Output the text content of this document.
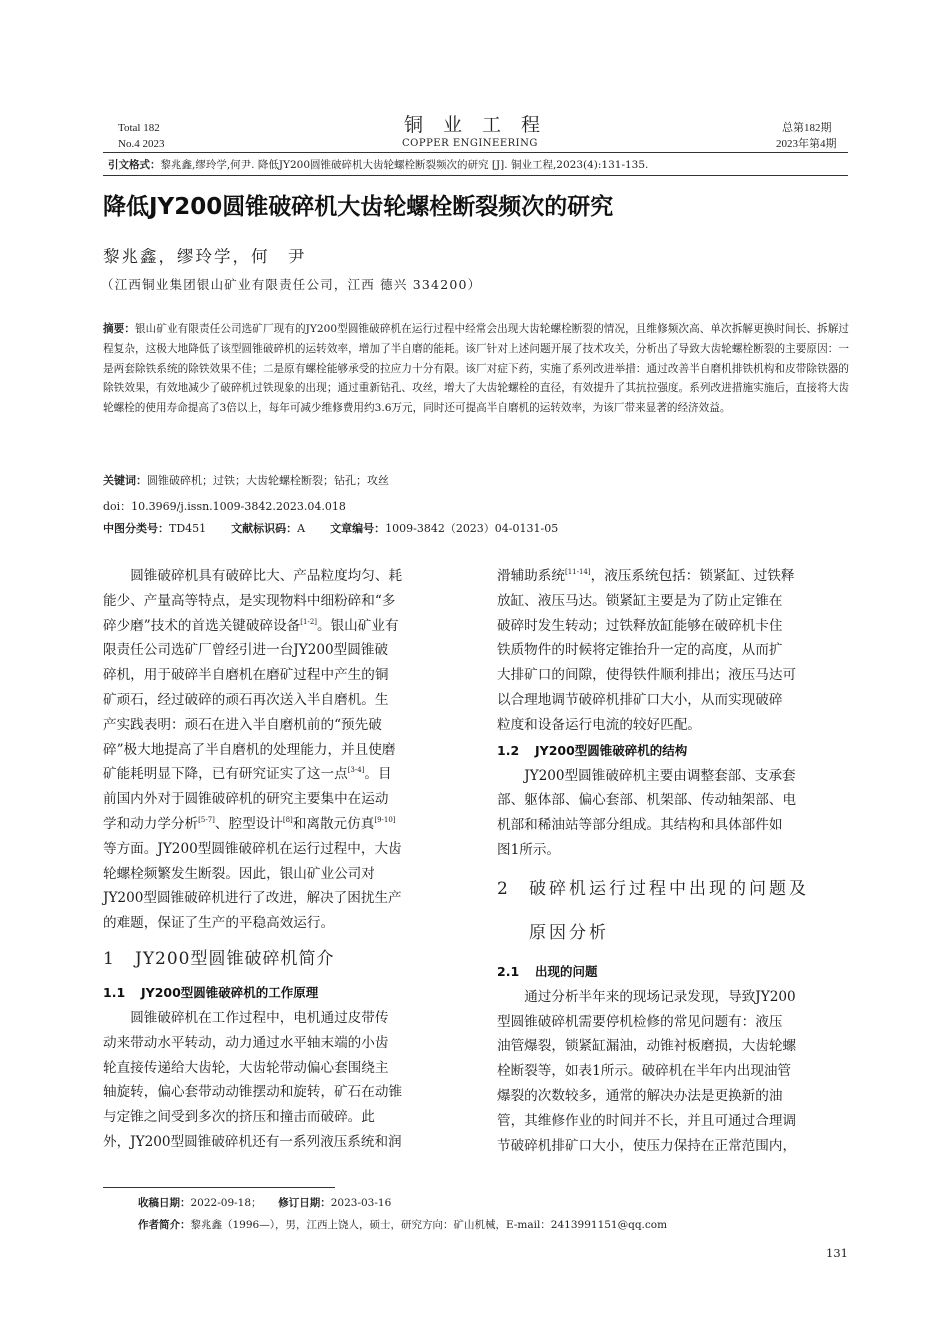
Total 182
No.4 2023
铜业工程
COPPER ENGINEERING
总第182期
2023年第4期
引文格式：黎兆鑫,缪玲学,何尹. 降低JY200圆锥破碎机大齿轮螺栓断裂频次的研究 [J]. 铜业工程,2023(4):131-135.
降低JY200圆锥破碎机大齿轮螺栓断裂频次的研究
黎兆鑫，缪玲学，何　尹
（江西铜业集团银山矿业有限责任公司，江西 德兴 334200）
摘要：银山矿业有限责任公司选矿厂现有的JY200型圆锥破碎机在运行过程中经常会出现大齿轮螺栓断裂的情况，且维修频次高、单次拆解更换时间长、拆解过程复杂，这极大地降低了该型圆锥破碎机的运转效率，增加了半自磨的能耗。该厂针对上述问题开展了技术攻关，分析出了导致大齿轮螺栓断裂的主要原因：一是两套除铁系统的除铁效果不佳；二是原有螺栓能够承受的拉应力十分有限。该厂对症下药，实施了系列改进举措：通过改善半自磨机排铁机构和皮带除铁器的除铁效果，有效地减少了破碎机过铁现象的出现；通过重新钻孔、攻丝，增大了大齿轮螺栓的直径，有效提升了其抗拉强度。系列改进措施实施后，直接将大齿轮螺栓的使用寿命提高了3倍以上，每年可减少维修费用约3.6万元，同时还可提高半自磨机的运转效率，为该厂带来显著的经济效益。
关键词：圆锥破碎机；过铁；大齿轮螺栓断裂；钻孔；攻丝
doi：10.3969/j.issn.1009-3842.2023.04.018
中图分类号：TD451 文献标识码：A 文章编号：1009-3842（2023）04-0131-05

圆锥破碎机具有破碎比大、产品粒度均匀、耗

能少、产量高等特点，是实现物料中细粉碎和“多

碎少磨”技术的首选关键破碎设备[1-2]。银山矿业有

限责任公司选矿厂曾经引进一台JY200型圆锥破

碎机，用于破碎半自磨机在磨矿过程中产生的铜

矿顽石，经过破碎的顽石再次送入半自磨机。生

产实践表明：顽石在进入半自磨机前的“预先破

碎”极大地提高了半自磨机的处理能力，并且使磨

矿能耗明显下降，已有研究证实了这一点[3-4]。目

前国内外对于圆锥破碎机的研究主要集中在运动

学和动力学分析[5-7]、腔型设计[8]和离散元仿真[9-10]

等方面。JY200型圆锥破碎机在运行过程中，大齿

轮螺栓频繁发生断裂。因此，银山矿业公司对

JY200型圆锥破碎机进行了改进，解决了困扰生产

的难题，保证了生产的平稳高效运行。

1 JY200型圆锥破碎机简介
1.1 JY200型圆锥破碎机的工作原理

圆锥破碎机在工作过程中，电机通过皮带传

动来带动水平转动，动力通过水平轴末端的小齿

轮直接传递给大齿轮，大齿轮带动偏心套围绕主

轴旋转，偏心套带动动锥摆动和旋转，矿石在动锥

与定锥之间受到多次的挤压和撞击而破碎。此

外，JY200型圆锥破碎机还有一系列液压系统和润

滑辅助系统[11-14]，液压系统包括：锁紧缸、过铁释

放缸、液压马达。锁紧缸主要是为了防止定锥在

破碎时发生转动；过铁释放缸能够在破碎机卡住

铁质物件的时候将定锥抬升一定的高度，从而扩

大排矿口的间隙，使得铁件顺利排出；液压马达可

以合理地调节破碎机排矿口大小，从而实现破碎

粒度和设备运行电流的较好匹配。

1.2 JY200型圆锥破碎机的结构

JY200型圆锥破碎机主要由调整套部、支承套

部、躯体部、偏心套部、机架部、传动轴架部、电

机部和稀油站等部分组成。其结构和具体部件如

图1所示。

2 破碎机运行过程中出现的问题及
原因分析
2.1 出现的问题

通过分析半年来的现场记录发现，导致JY200

型圆锥破碎机需要停机检修的常见问题有：液压

油管爆裂，锁紧缸漏油，动锥衬板磨损，大齿轮螺

栓断裂等，如表1所示。破碎机在半年内出现油管

爆裂的次数较多，通常的解决办法是更换新的油

管，其维修作业的时间并不长，并且可通过合理调

节破碎机排矿口大小，使压力保持在正常范围内，

收稿日期：2022-09-18； 修订日期：2023-03-16
作者简介：黎兆鑫（1996—），男，江西上饶人，硕士，研究方向：矿山机械，E-mail：2413991151@qq.com
131
